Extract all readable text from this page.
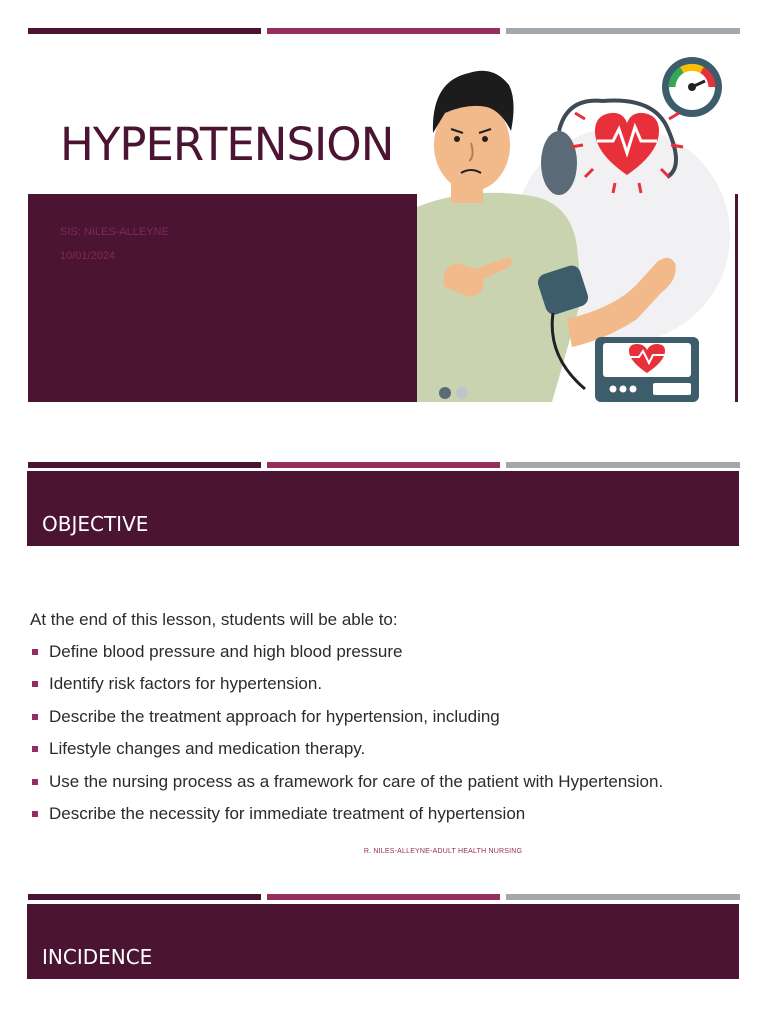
HYPERTENSION
SIS: NILES-ALLEYNE
10/01/2024
OBJECTIVE
At the end of this lesson, students will be able to:
Define blood pressure and high blood pressure
Identify risk factors for hypertension.
Describe the treatment approach for hypertension, including
Lifestyle changes and medication therapy.
Use the nursing process as a framework for care of the patient with Hypertension.
Describe the necessity for immediate treatment of hypertension
R. NILES-ALLEYNE-ADULT HEALTH NURSING
INCIDENCE
